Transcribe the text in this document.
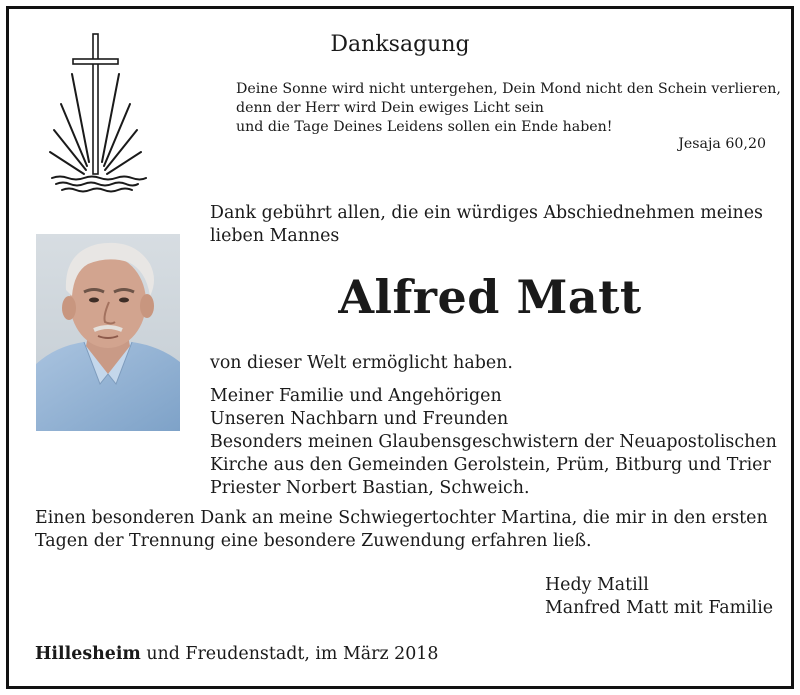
Danksagung
Deine Sonne wird nicht untergehen, Dein Mond nicht den Schein verlieren,
denn der Herr wird Dein ewiges Licht sein
und die Tage Deines Leidens sollen ein Ende haben!
Jesaja 60,20
Dank gebührt allen, die ein würdiges Abschiednehmen meines
lieben Mannes
Alfred Matt
von dieser Welt ermöglicht haben.
Meiner Familie und Angehörigen
Unseren Nachbarn und Freunden
Besonders meinen Glaubensgeschwistern der Neuapostolischen
Kirche aus den Gemeinden Gerolstein, Prüm, Bitburg und Trier
Priester Norbert Bastian, Schweich.
Einen besonderen Dank an meine Schwiegertochter Martina, die mir in den ersten
Tagen der Trennung eine besondere Zuwendung erfahren ließ.
Hedy Matill
Manfred Matt mit Familie
Hillesheim und Freudenstadt, im März 2018
